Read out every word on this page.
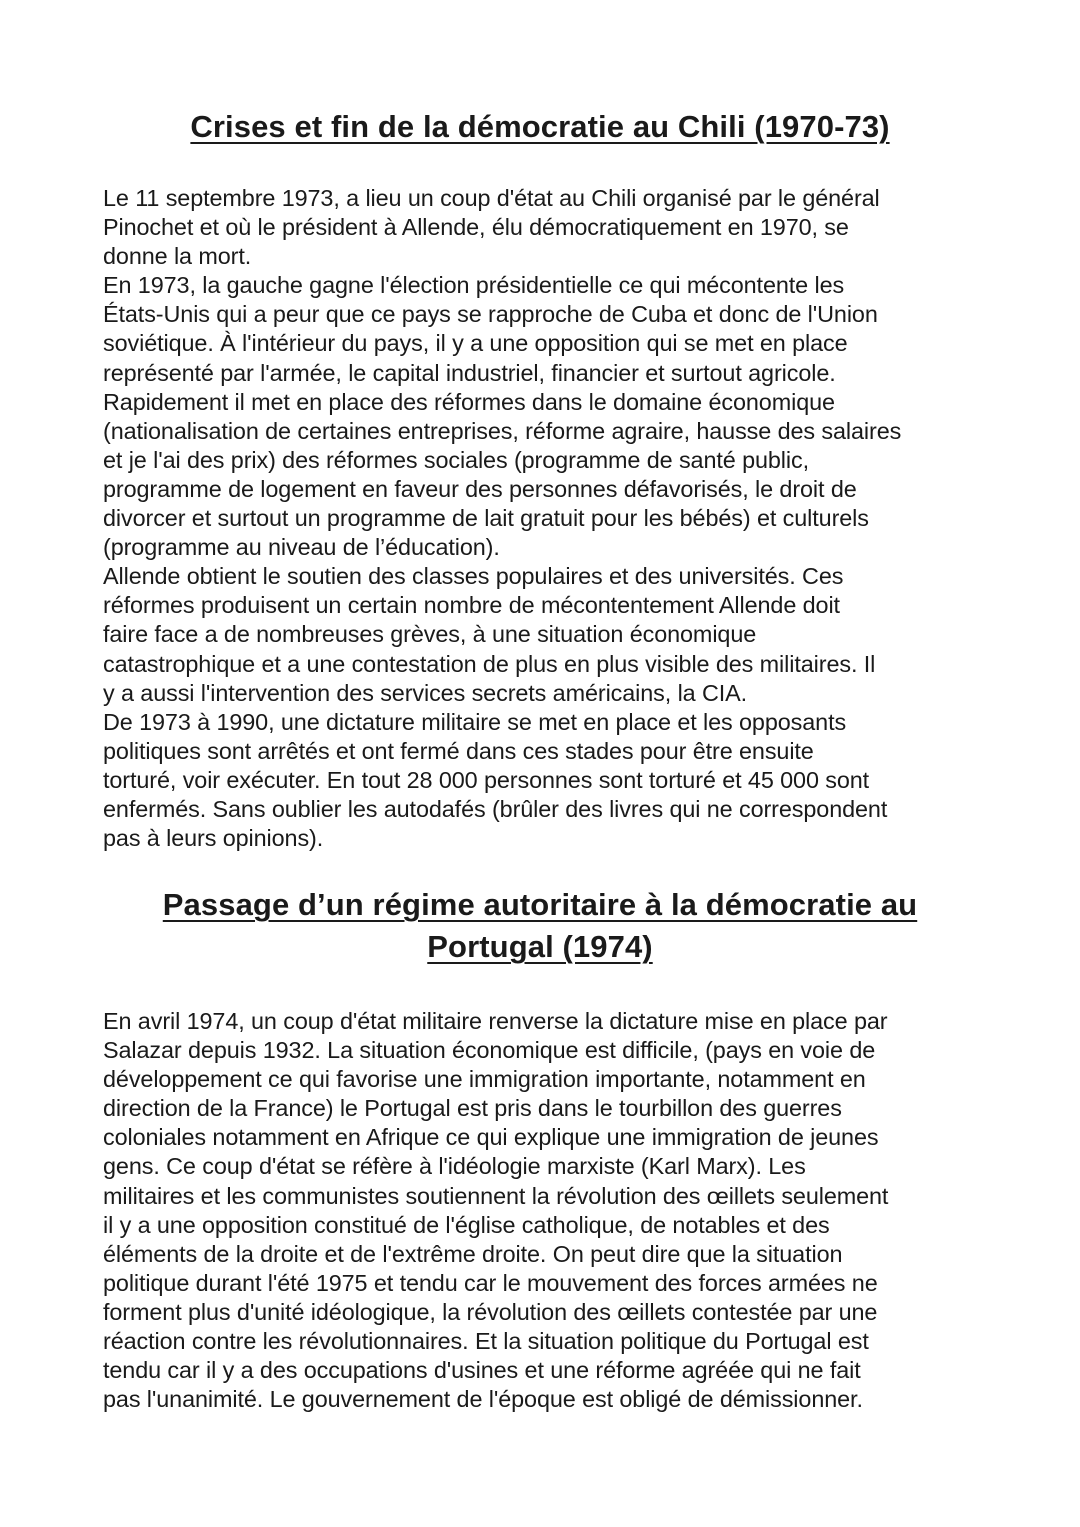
Crises et fin de la démocratie au Chili (1970-73)

Le 11 septembre 1973, a lieu un coup d'état au Chili organisé par le général
Pinochet et où le président à Allende, élu démocratiquement en 1970, se
donne la mort.
En 1973, la gauche gagne l'élection présidentielle ce qui mécontente les
États-Unis qui a peur que ce pays se rapproche de Cuba et donc de l'Union
soviétique. À l'intérieur du pays, il y a une opposition qui se met en place
représenté par l'armée, le capital industriel, financier et surtout agricole.
Rapidement il met en place des réformes dans le domaine économique
(nationalisation de certaines entreprises, réforme agraire, hausse des salaires
et je l'ai des prix) des réformes sociales (programme de santé public,
programme de logement en faveur des personnes défavorisés, le droit de
divorcer et surtout un programme de lait gratuit pour les bébés) et culturels
(programme au niveau de l’éducation).
Allende obtient le soutien des classes populaires et des universités. Ces
réformes produisent un certain nombre de mécontentement Allende doit
faire face a de nombreuses grèves, à une situation économique
catastrophique et a une contestation de plus en plus visible des militaires. Il
y a aussi l'intervention des services secrets américains, la CIA.
De 1973 à 1990, une dictature militaire se met en place et les opposants
politiques sont arrêtés et ont fermé dans ces stades pour être ensuite
torturé, voir exécuter. En tout 28 000 personnes sont torturé et 45 000 sont
enfermés. Sans oublier les autodafés (brûler des livres qui ne correspondent
pas à leurs opinions).

Passage d’un régime autoritaire à la démocratie au
Portugal (1974)

En avril 1974, un coup d'état militaire renverse la dictature mise en place par
Salazar depuis 1932. La situation économique est difficile, (pays en voie de
développement ce qui favorise une immigration importante, notamment en
direction de la France) le Portugal est pris dans le tourbillon des guerres
coloniales notamment en Afrique ce qui explique une immigration de jeunes
gens. Ce coup d'état se réfère à l'idéologie marxiste (Karl Marx). Les
militaires et les communistes soutiennent la révolution des œillets seulement
il y a une opposition constitué de l'église catholique, de notables et des
éléments de la droite et de l'extrême droite. On peut dire que la situation
politique durant l'été 1975 et tendu car le mouvement des forces armées ne
forment plus d'unité idéologique, la révolution des œillets contestée par une
réaction contre les révolutionnaires. Et la situation politique du Portugal est
tendu car il y a des occupations d'usines et une réforme agréée qui ne fait
pas l'unanimité. Le gouvernement de l'époque est obligé de démissionner.
